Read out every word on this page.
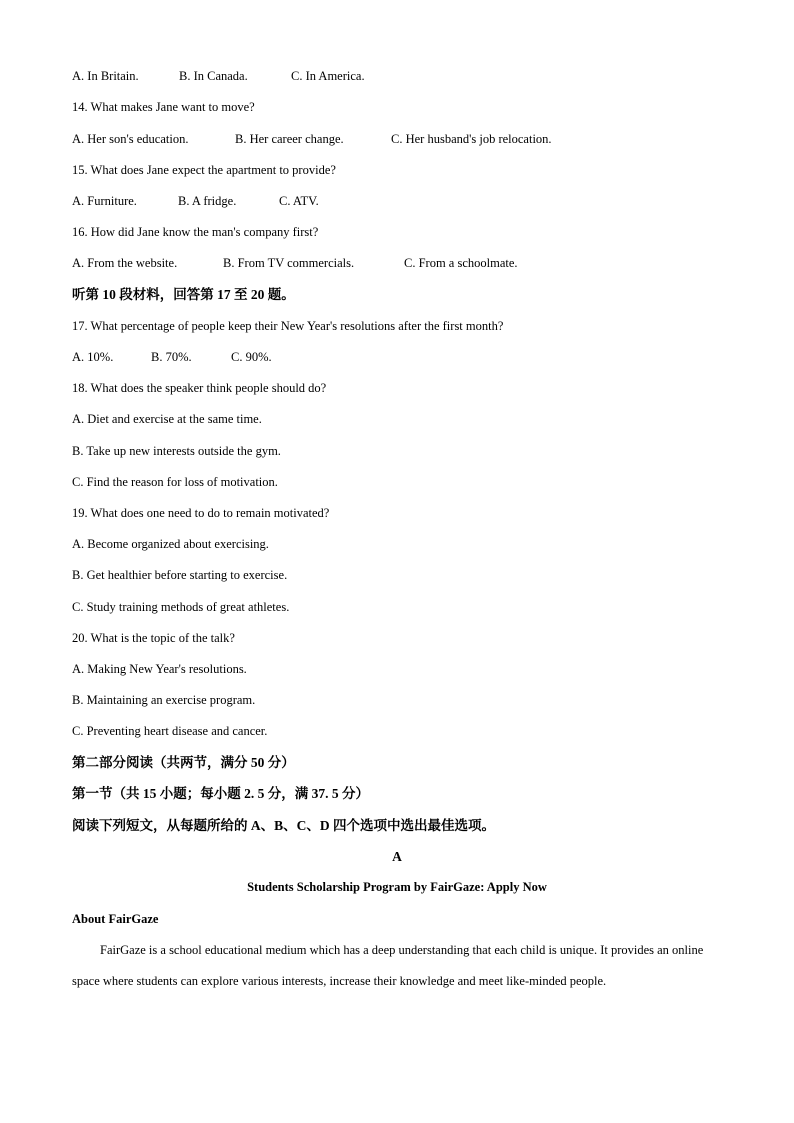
A. In Britain.	B. In Canada.	C. In America.
14. What makes Jane want to move?
A. Her son's education.	B. Her career change.	C. Her husband's job relocation.
15. What does Jane expect the apartment to provide?
A. Furniture.	B. A fridge.	C. ATV.
16. How did Jane know the man's company first?
A. From the website.	B. From TV commercials.	C. From a schoolmate.
听第 10 段材料，回答第 17 至 20 题。
17. What percentage of people keep their New Year's resolutions after the first month?
A. 10%.	B. 70%.	C. 90%.
18. What does the speaker think people should do?
A. Diet and exercise at the same time.
B. Take up new interests outside the gym.
C. Find the reason for loss of motivation.
19. What does one need to do to remain motivated?
A. Become organized about exercising.
B. Get healthier before starting to exercise.
C. Study training methods of great athletes.
20. What is the topic of the talk?
A. Making New Year's resolutions.
B. Maintaining an exercise program.
C. Preventing heart disease and cancer.
第二部分阅读（共两节，满分 50 分）
第一节（共 15 小题；每小题 2. 5 分，满 37. 5 分）
阅读下列短文，从每题所给的 A、B、C、D 四个选项中选出最佳选项。
A
Students Scholarship Program by FairGaze: Apply Now
About FairGaze
FairGaze is a school educational medium which has a deep understanding that each child is unique. It provides an online space where students can explore various interests, increase their knowledge and meet like-minded people.
